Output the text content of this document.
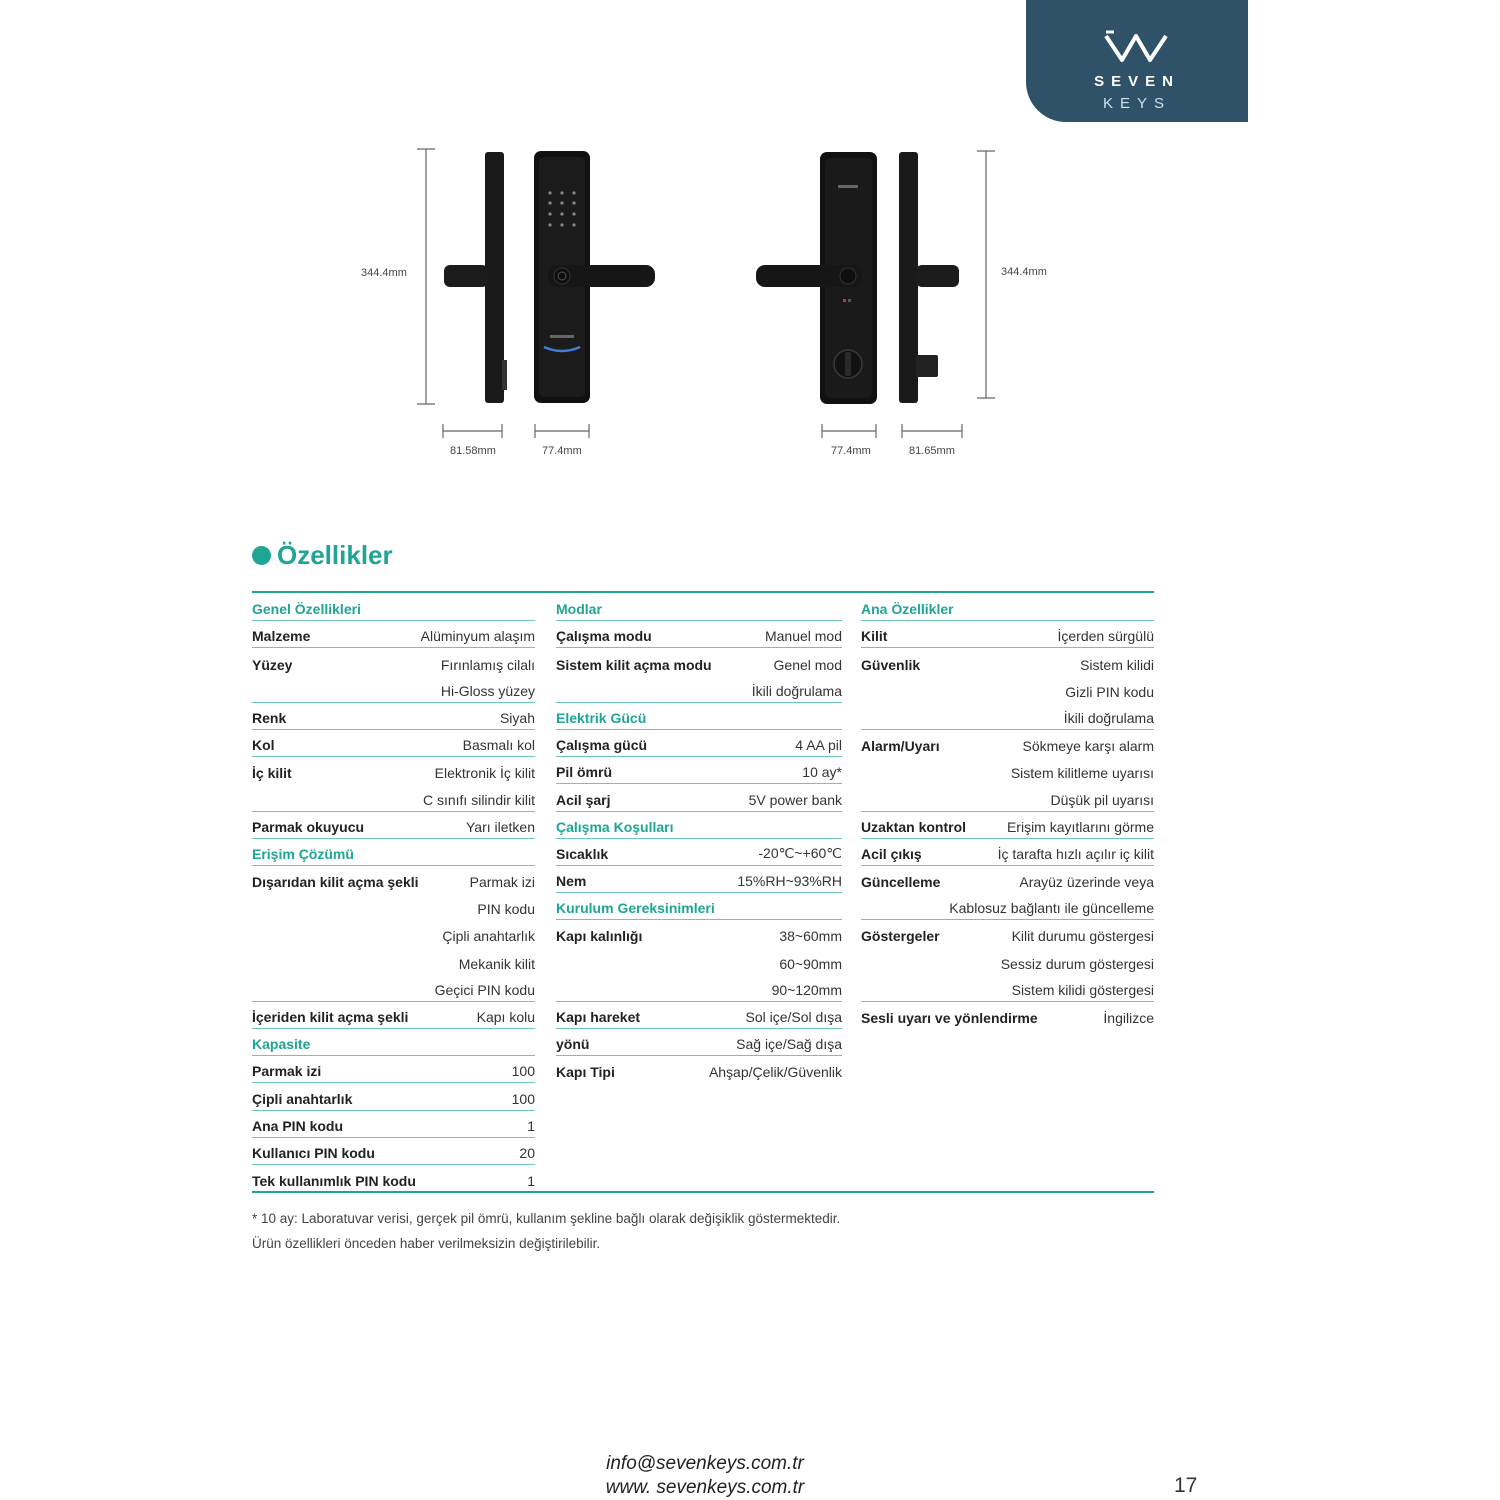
SEVEN
KEYS
344.4mm	344.4mm
81.58mm	77.4mm	77.4mm	81.65mm
Özellikler
Genel Özellikleri
Malzeme	Alüminyum alaşım
Yüzey	Fırınlamış cilalı
Hi-Gloss yüzey
Renk	Siyah
Kol	Basmalı kol
İç kilit	Elektronik İç kilit
C sınıfı silindir kilit
Parmak okuyucu	Yarı iletken
Erişim Çözümü
Dışarıdan kilit açma şekli	Parmak izi
PIN kodu
Çipli anahtarlık
Mekanik kilit
Geçici PIN kodu
İçeriden kilit açma şekli	Kapı kolu
Kapasite
Parmak izi	100
Çipli anahtarlık	100
Ana PIN kodu	1
Kullanıcı PIN kodu	20
Tek kullanımlık PIN kodu	1
Modlar
Çalışma modu	Manuel mod
Sistem kilit açma modu	Genel mod
İkili doğrulama
Elektrik Gücü
Çalışma gücü	4 AA pil
Pil ömrü	10 ay*
Acil şarj	5V power bank
Çalışma Koşulları
Sıcaklık	-20℃~+60℃
Nem	15%RH~93%RH
Kurulum Gereksinimleri
Kapı kalınlığı	38~60mm
60~90mm
90~120mm
Kapı hareket	Sol içe/Sol dışa
yönü	Sağ içe/Sağ dışa
Kapı Tipi	Ahşap/Çelik/Güvenlik
Ana Özellikler
Kilit	İçerden sürgülü
Güvenlik	Sistem kilidi
Gizli PIN kodu
İkili doğrulama
Alarm/Uyarı	Sökmeye karşı alarm
Sistem kilitleme uyarısı
Düşük pil uyarısı
Uzaktan kontrol	Erişim kayıtlarını görme
Acil çıkış	İç tarafta hızlı açılır iç kilit
Güncelleme	Arayüz üzerinde veya
Kablosuz bağlantı ile güncelleme
Göstergeler	Kilit durumu göstergesi
Sessiz durum göstergesi
Sistem kilidi göstergesi
Sesli uyarı ve yönlendirme	İngilizce
* 10 ay: Laboratuvar verisi, gerçek pil ömrü, kullanım şekline bağlı olarak değişiklik göstermektedir.
Ürün özellikleri önceden haber verilmeksizin değiştirilebilir.
info@sevenkeys.com.tr
www. sevenkeys.com.tr	17
